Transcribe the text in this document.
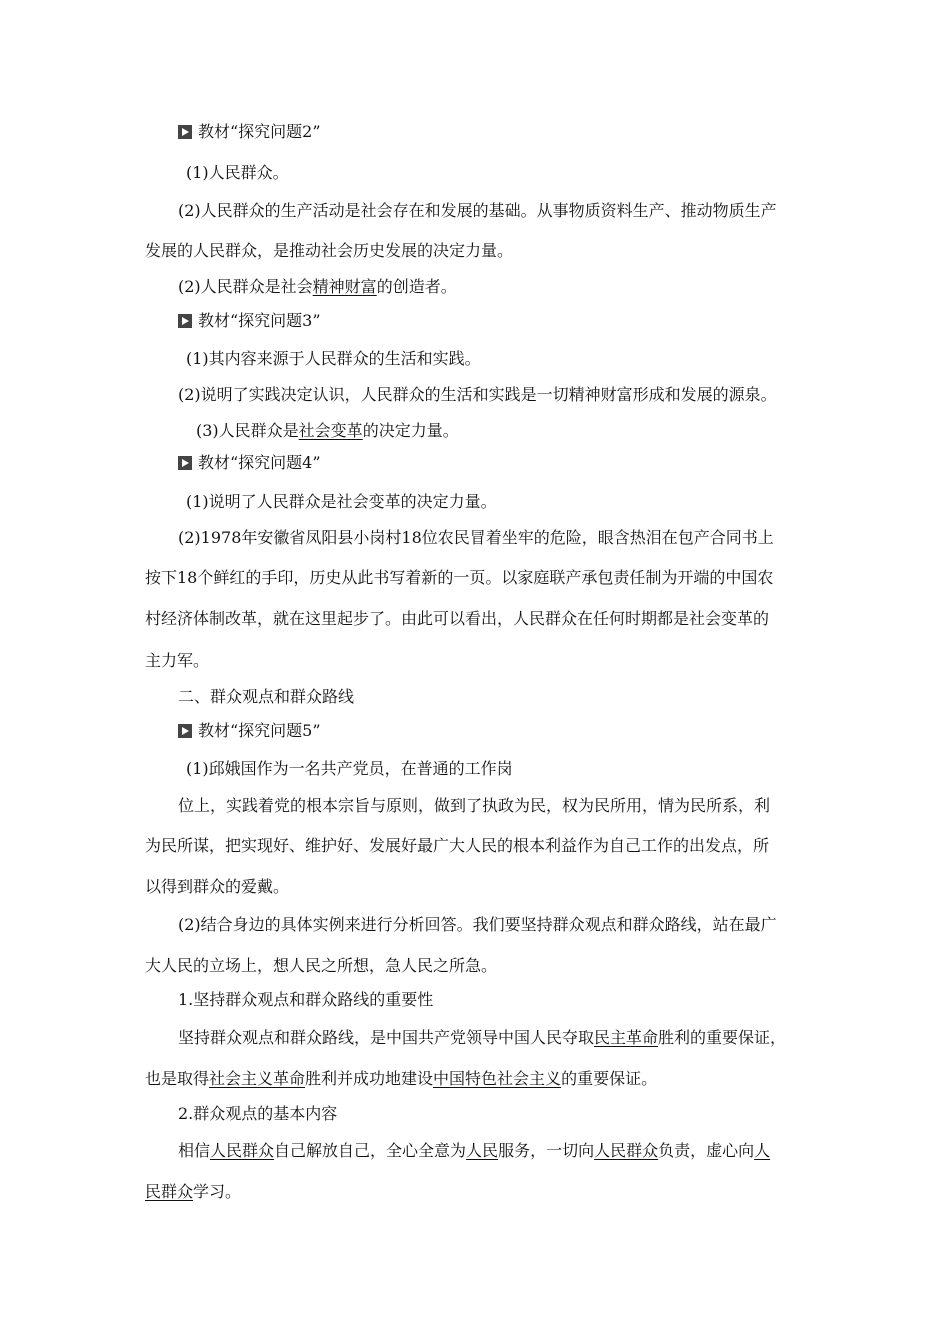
教材“探究问题2”
(1)人民群众。
(2)人民群众的生产活动是社会存在和发展的基础。从事物质资料生产、推动物质生产
发展的人民群众，是推动社会历史发展的决定力量。
(2)人民群众是社会精神财富的创造者。
教材“探究问题3”
(1)其内容来源于人民群众的生活和实践。
(2)说明了实践决定认识，人民群众的生活和实践是一切精神财富形成和发展的源泉。
(3)人民群众是社会变革的决定力量。
教材“探究问题4”
(1)说明了人民群众是社会变革的决定力量。
(2)1978年安徽省凤阳县小岗村18位农民冒着坐牢的危险，眼含热泪在包产合同书上
按下18个鲜红的手印，历史从此书写着新的一页。以家庭联产承包责任制为开端的中国农
村经济体制改革，就在这里起步了。由此可以看出，人民群众在任何时期都是社会变革的
主力军。
二、群众观点和群众路线
教材“探究问题5”
(1)邱娥国作为一名共产党员，在普通的工作岗
位上，实践着党的根本宗旨与原则，做到了执政为民，权为民所用，情为民所系，利
为民所谋，把实现好、维护好、发展好最广大人民的根本利益作为自己工作的出发点，所
以得到群众的爱戴。
(2)结合身边的具体实例来进行分析回答。我们要坚持群众观点和群众路线，站在最广
大人民的立场上，想人民之所想，急人民之所急。
1.坚持群众观点和群众路线的重要性
坚持群众观点和群众路线，是中国共产党领导中国人民夺取民主革命胜利的重要保证，
也是取得社会主义革命胜利并成功地建设中国特色社会主义的重要保证。
2.群众观点的基本内容
相信人民群众自己解放自己，全心全意为人民服务，一切向人民群众负责，虚心向人
民群众学习。
